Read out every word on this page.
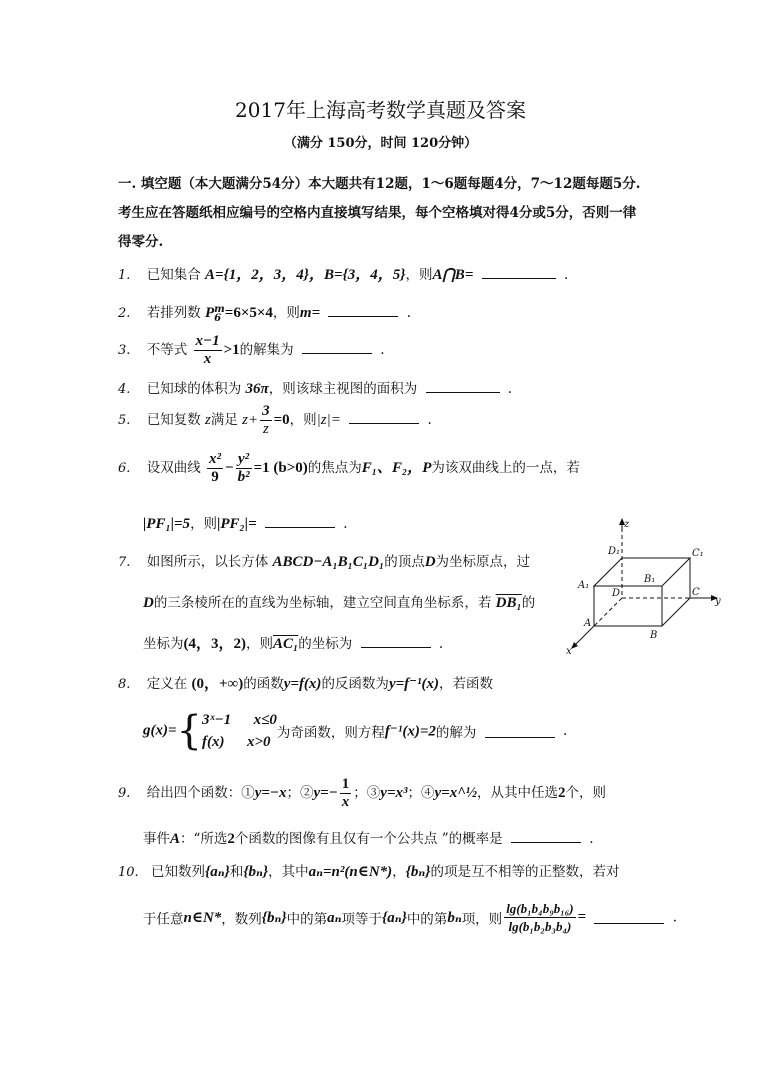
2017年上海高考数学真题及答案
（满分 150分，时间 120分钟）
一. 填空题（本大题满分54分）本大题共有12题，1～6题每题4分，7～12题每题5分.
考生应在答题纸相应编号的空格内直接填写结果，每个空格填对得4分或5分，否则一律
得零分.
1. 已知集合 A={1，2，3，4}，B={3，4，5}，则A⋂B=	.
2. 若排列数 P m
6 =6×5×4，则m=	.
3. 不等式 $\frac{x-1}{x} >1$的解集为	.
4. 已知球的体积为 36π，则该球主视图的面积为	.
5. 已知复数 z满足 $z+ \frac{3}{z} =0$，则|z|=	.
6. 设双曲线 $\frac{\text{x²}}{9} - \frac{\text{y²}}{\text{b²}} =1$ (b>0)的焦点为F₁、F₂，P为该双曲线上的一点，若
|PF₁|=5，则|PF₂|=	.
7. 如图所示，以长方体 ABCD−A₁B₁C₁D₁的顶点D为坐标原点，过
D的三条棱所在的直线为坐标轴，建立空间直角坐标系，若 DB₁的
坐标为(4，3，2)，则AC₁的坐标为	.
z
y
x
D₁	C₁
A₁
B₁
D	C
A
B
8. 定义在 (0，+∞)的函数y=f(x)的反函数为y=f⁻¹(x)，若函数
g(x)={ 3ˣ−1      x≤0
f(x)      x>0
为奇函数，则方程f⁻¹(x)=2的解为	.
9. 给出四个函数：①y=−x；②y=− $\frac{1}{x}$ ；③y=x³；④y=x^½，从其中任选2个，则
事件A：“所选2个函数的图像有且仅有一个公共点 ”的概率是	.
10. 已知数列{aₙ}和{bₙ}，其中aₙ=n²(n∈N*)，{bₙ}的项是互不相等的正整数，若对
于任意n∈N*，数列{bₙ}中的第aₙ项等于{aₙ}中的第bₙ项，则 $\frac{\text{lg(b₁b₄b₉b₁₆)}}{\text{lg(b₁b₂b₃b₄)}}$ =	.
